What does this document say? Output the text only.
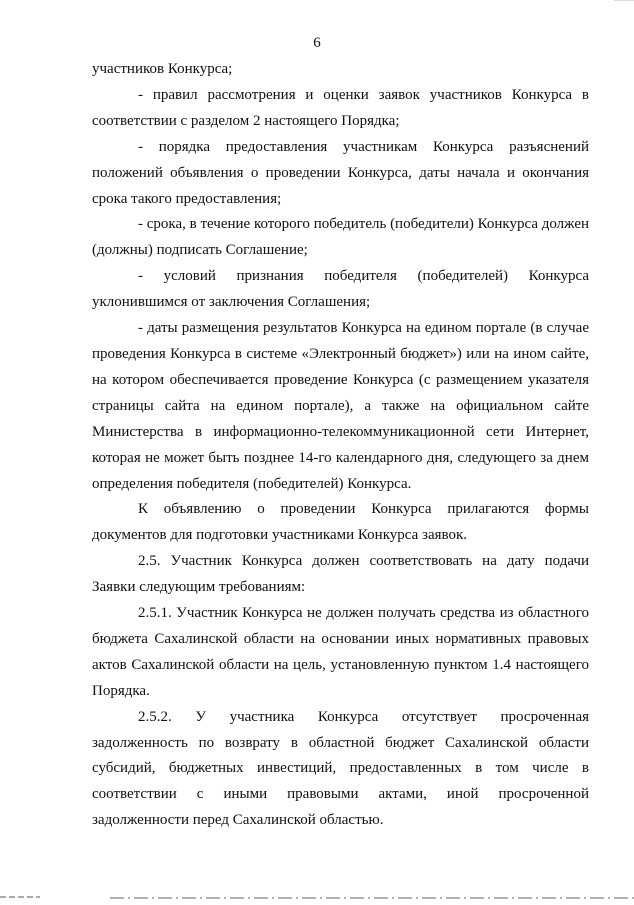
6

участников Конкурса;

- правил рассмотрения и оценки заявок участников Конкурса в соответствии с разделом 2 настоящего Порядка;

- порядка предоставления участникам Конкурса разъяснений положений объявления о проведении Конкурса, даты начала и окончания срока такого предоставления;

- срока, в течение которого победитель (победители) Конкурса должен (должны) подписать Соглашение;

- условий признания победителя (победителей) Конкурса уклонившимся от заключения Соглашения;

- даты размещения результатов Конкурса на едином портале (в случае проведения Конкурса в системе «Электронный бюджет») или на ином сайте, на котором обеспечивается проведение Конкурса (с размещением указателя страницы сайта на едином портале), а также на официальном сайте Министерства в информационно-телекоммуникационной сети Интернет, которая не может быть позднее 14-го календарного дня, следующего за днем определения победителя (победителей) Конкурса.

К объявлению о проведении Конкурса прилагаются формы документов для подготовки участниками Конкурса заявок.

2.5. Участник Конкурса должен соответствовать на дату подачи Заявки следующим требованиям:

2.5.1. Участник Конкурса не должен получать средства из областного бюджета Сахалинской области на основании иных нормативных правовых актов Сахалинской области на цель, установленную пунктом 1.4 настоящего Порядка.

2.5.2. У участника Конкурса отсутствует просроченная задолженность по возврату в областной бюджет Сахалинской области субсидий, бюджетных инвестиций, предоставленных в том числе в соответствии с иными правовыми актами, иной просроченной задолженности перед Сахалинской областью.
